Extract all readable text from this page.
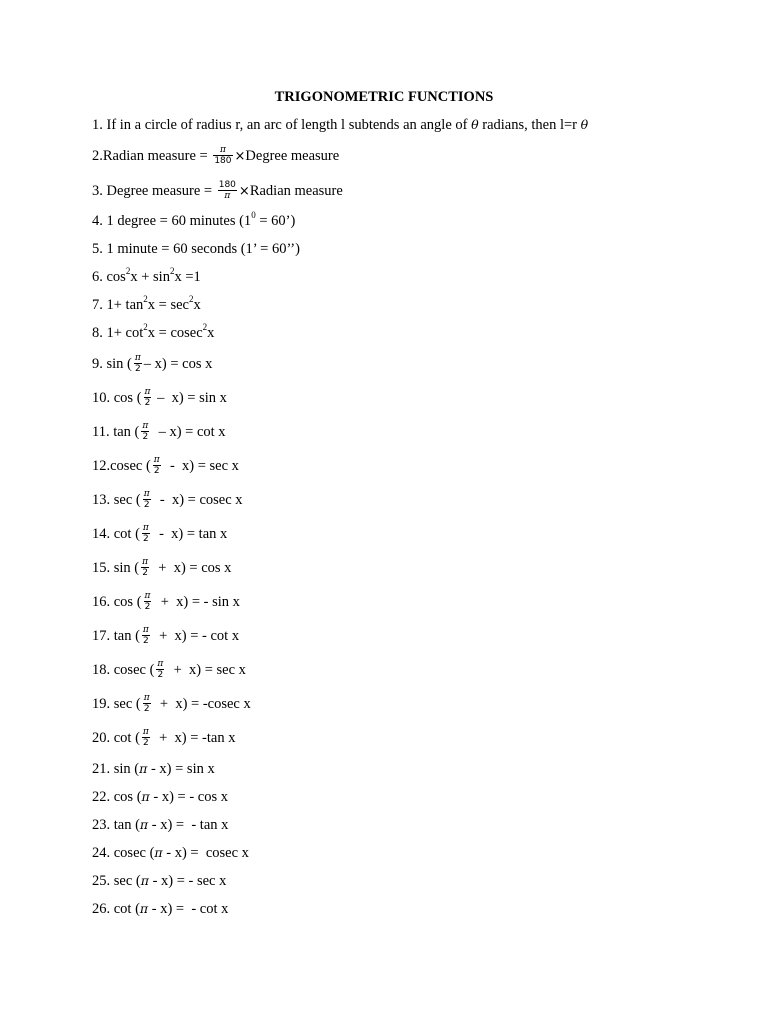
TRIGONOMETRIC FUNCTIONS
1. If in a circle of radius r, an arc of length l subtends an angle of θ radians, then l=r θ
2.Radian measure = $\frac{\pi}{180}$ ×Degree measure
3. Degree measure = $\frac{180}{\pi}$ ×Radian measure
4. 1 degree = 60 minutes ($1^0$ = 60’)
5. 1 minute = 60 seconds (1’ = 60’’)
6. $\cos^2x + \sin^2x =1$
7. $1+ \tan^2x = \sec^2x$
8. $1+ \cot^2x = cosec^2x$
9. sin ( $\frac{\pi}{2} - x) = \cos x$
10. cos ( $\frac{\pi}{2} - x) = \sin x$
11. tan ( $\frac{\pi}{2} - x) = \cot x$
12.cosec ( $\frac{\pi}{2} - x) = \sec x$
13. sec ( $\frac{\pi}{2} - x) = cosec$ x
14. cot ( $\frac{\pi}{2} - x) = \tan x$
15. sin ( $\frac{\pi}{2} + x) = \cos x$
16. cos ( $\frac{\pi}{2} + x$) = - sin x
17. tan ( $\frac{\pi}{2} + x$) = - cot x
18. cosec ( $\frac{\pi}{2} + x) = \sec x$
19. sec ( $\frac{\pi}{2} + x) = -cosec$ x
20. cot ( $\frac{\pi}{2} + x) = -\tan$ x
21. sin (π - x) = sin x
22. cos (π - x) = - cos x
23. tan (π - x) =  - tan x
24. cosec (π - x) =  cosec x
25. sec (π - x) = - sec x
26. cot (π - x) =  - cot x
